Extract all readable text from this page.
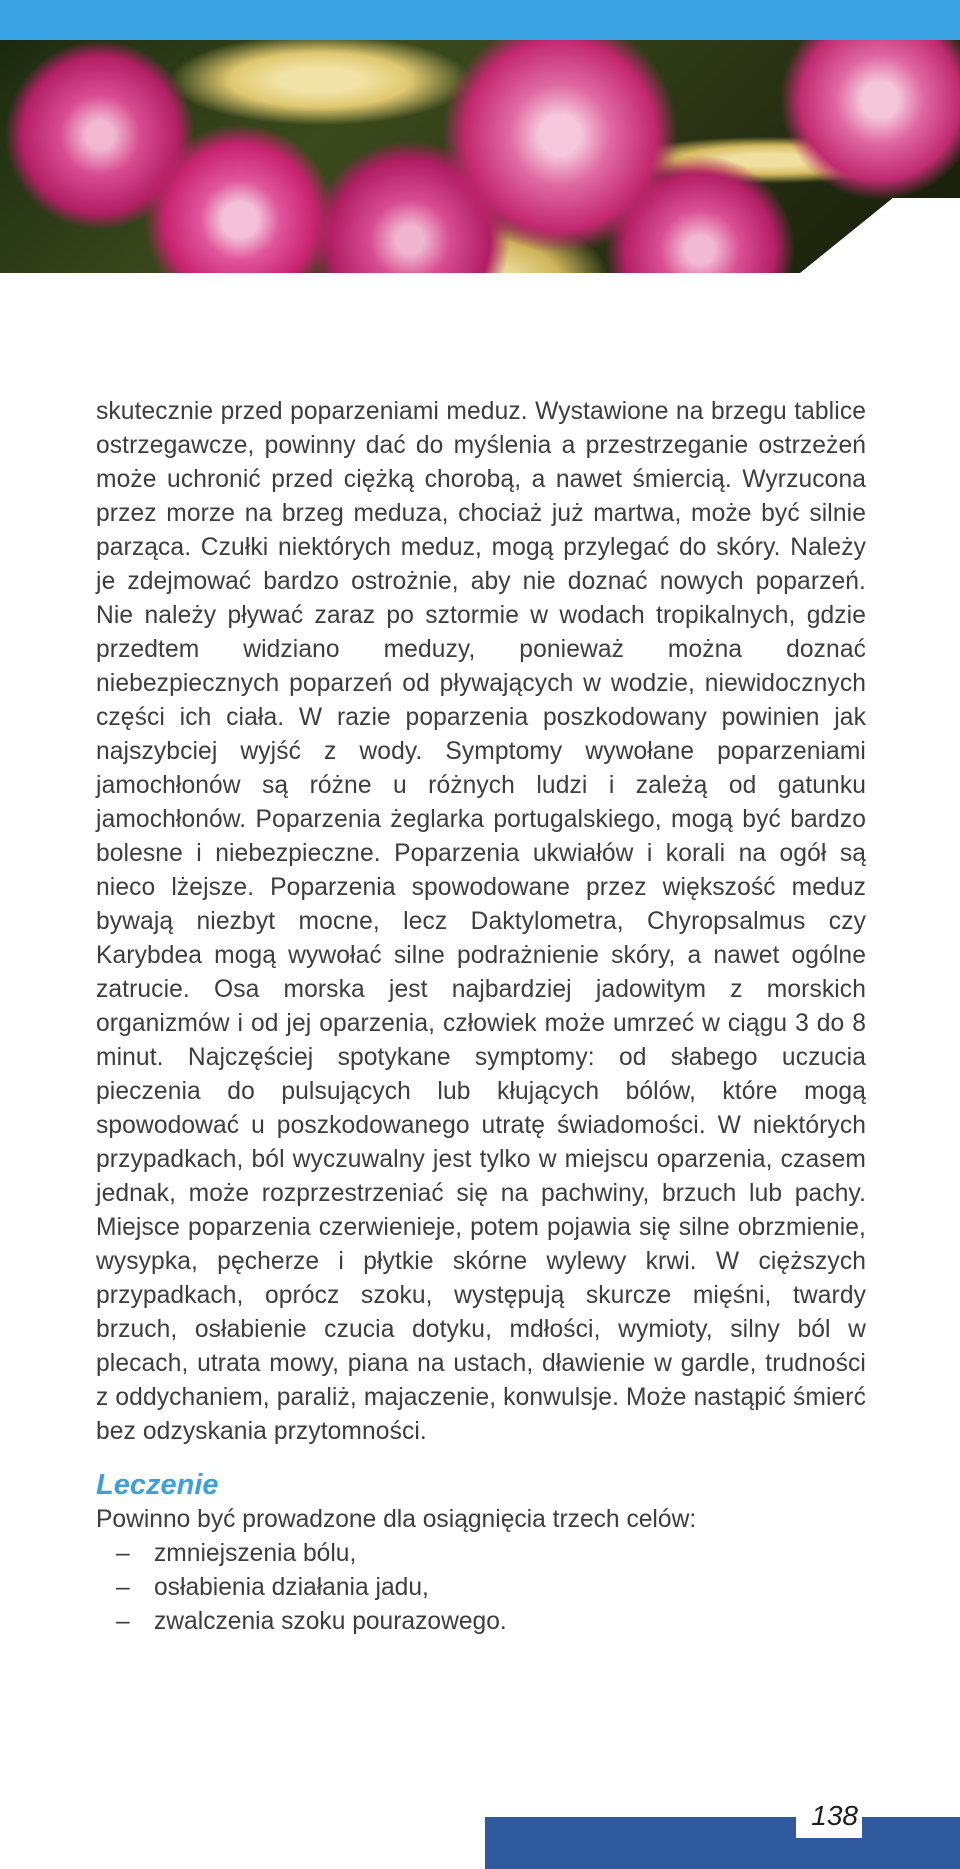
skutecznie przed poparzeniami meduz. Wystawione na brzegu tablice ostrzegawcze, powinny dać do myślenia a przestrzeganie ostrzeżeń może uchronić przed ciężką chorobą, a nawet śmiercią. Wyrzucona przez morze na brzeg meduza, chociaż już martwa, może być silnie parząca. Czułki niektórych meduz, mogą przylegać do skóry. Należy je zdejmować bardzo ostrożnie, aby nie doznać nowych poparzeń. Nie należy pływać zaraz po sztormie w wodach tropikalnych, gdzie przedtem widziano meduzy, ponieważ można doznać niebezpiecznych poparzeń od pływających w wodzie, niewidocznych części ich ciała. W razie poparzenia poszkodowany powinien jak najszybciej wyjść z wody. Symptomy wywołane poparzeniami jamochłonów są różne u różnych ludzi i zależą od gatunku jamochłonów. Poparzenia żeglarka portugalskiego, mogą być bardzo bolesne i niebezpieczne. Poparzenia ukwiałów i korali na ogół są nieco lżejsze. Poparzenia spowodowane przez większość meduz bywają niezbyt mocne, lecz Daktylometra, Chyropsalmus czy Karybdea mogą wywołać silne podrażnienie skóry, a nawet ogólne zatrucie. Osa morska jest najbardziej jadowitym z morskich organizmów i od jej oparzenia, człowiek może umrzeć w ciągu 3 do 8 minut. Najczęściej spotykane symptomy: od słabego uczucia pieczenia do pulsujących lub kłujących bólów, które mogą spowodować u poszkodowanego utratę świadomości. W niektórych przypadkach, ból wyczuwalny jest tylko w miejscu oparzenia, czasem jednak, może rozprzestrzeniać się na pachwiny, brzuch lub pachy. Miejsce poparzenia czerwienieje, potem pojawia się silne obrzmienie, wysypka, pęcherze i płytkie skórne wylewy krwi. W cięższych przypadkach, oprócz szoku, występują skurcze mięśni, twardy brzuch, osłabienie czucia dotyku, mdłości, wymioty, silny ból w plecach, utrata mowy, piana na ustach, dławienie w gardle, trudności z oddychaniem, paraliż, majaczenie, konwulsje. Może nastąpić śmierć bez odzyskania przytomności.

Leczenie

Powinno być prowadzone dla osiągnięcia trzech celów:

– zmniejszenia bólu,
– osłabienia działania jadu,
– zwalczenia szoku pourazowego.
138
